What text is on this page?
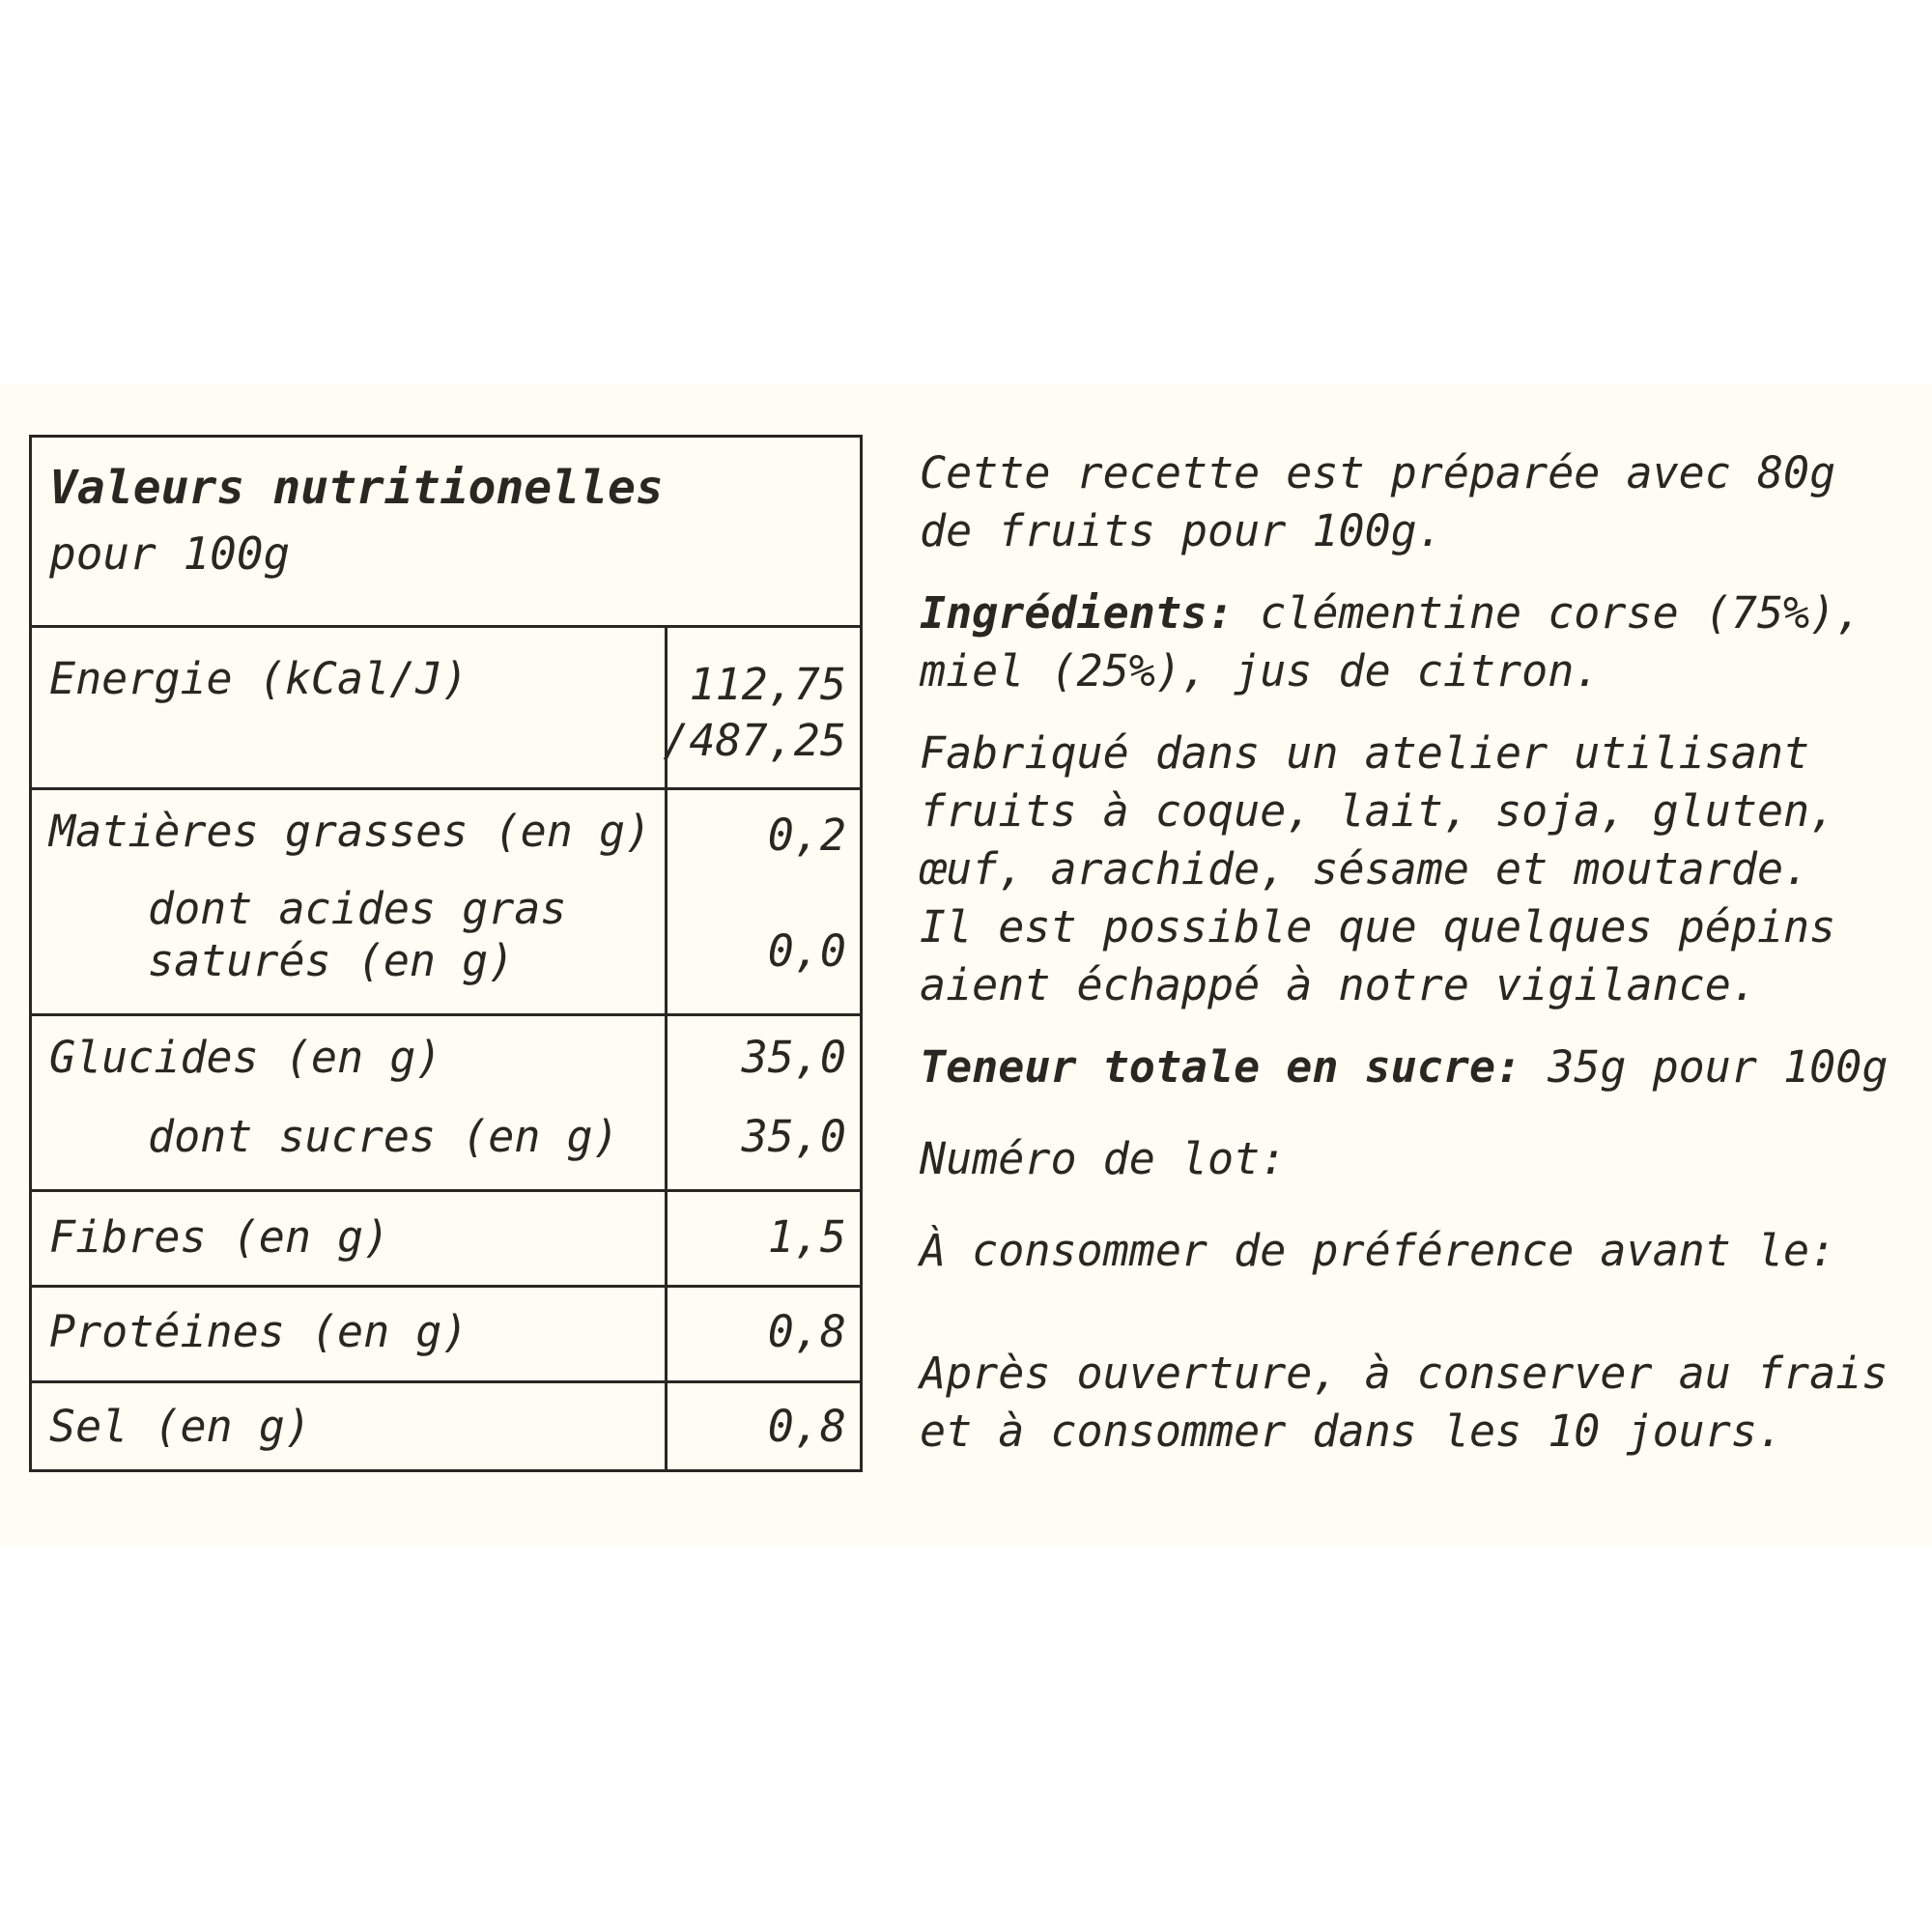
Valeurs nutritionelles
pour 100g
Energie (kCal/J)	112,75
/487,25
Matières grasses (en g)	0,2
dont acides gras
saturés (en g)	0,0
Glucides (en g)	35,0
dont sucres (en g)	35,0
Fibres (en g)	1,5
Protéines (en g)	0,8
Sel (en g)	0,8
Cette recette est préparée avec 80g
de fruits pour 100g.
Ingrédients: clémentine corse (75%),
miel (25%), jus de citron.
Fabriqué dans un atelier utilisant
fruits à coque, lait, soja, gluten,
œuf, arachide, sésame et moutarde.
Il est possible que quelques pépins
aient échappé à notre vigilance.
Teneur totale en sucre: 35g pour 100g
Numéro de lot:
À consommer de préférence avant le:
Après ouverture, à conserver au frais
et à consommer dans les 10 jours.
